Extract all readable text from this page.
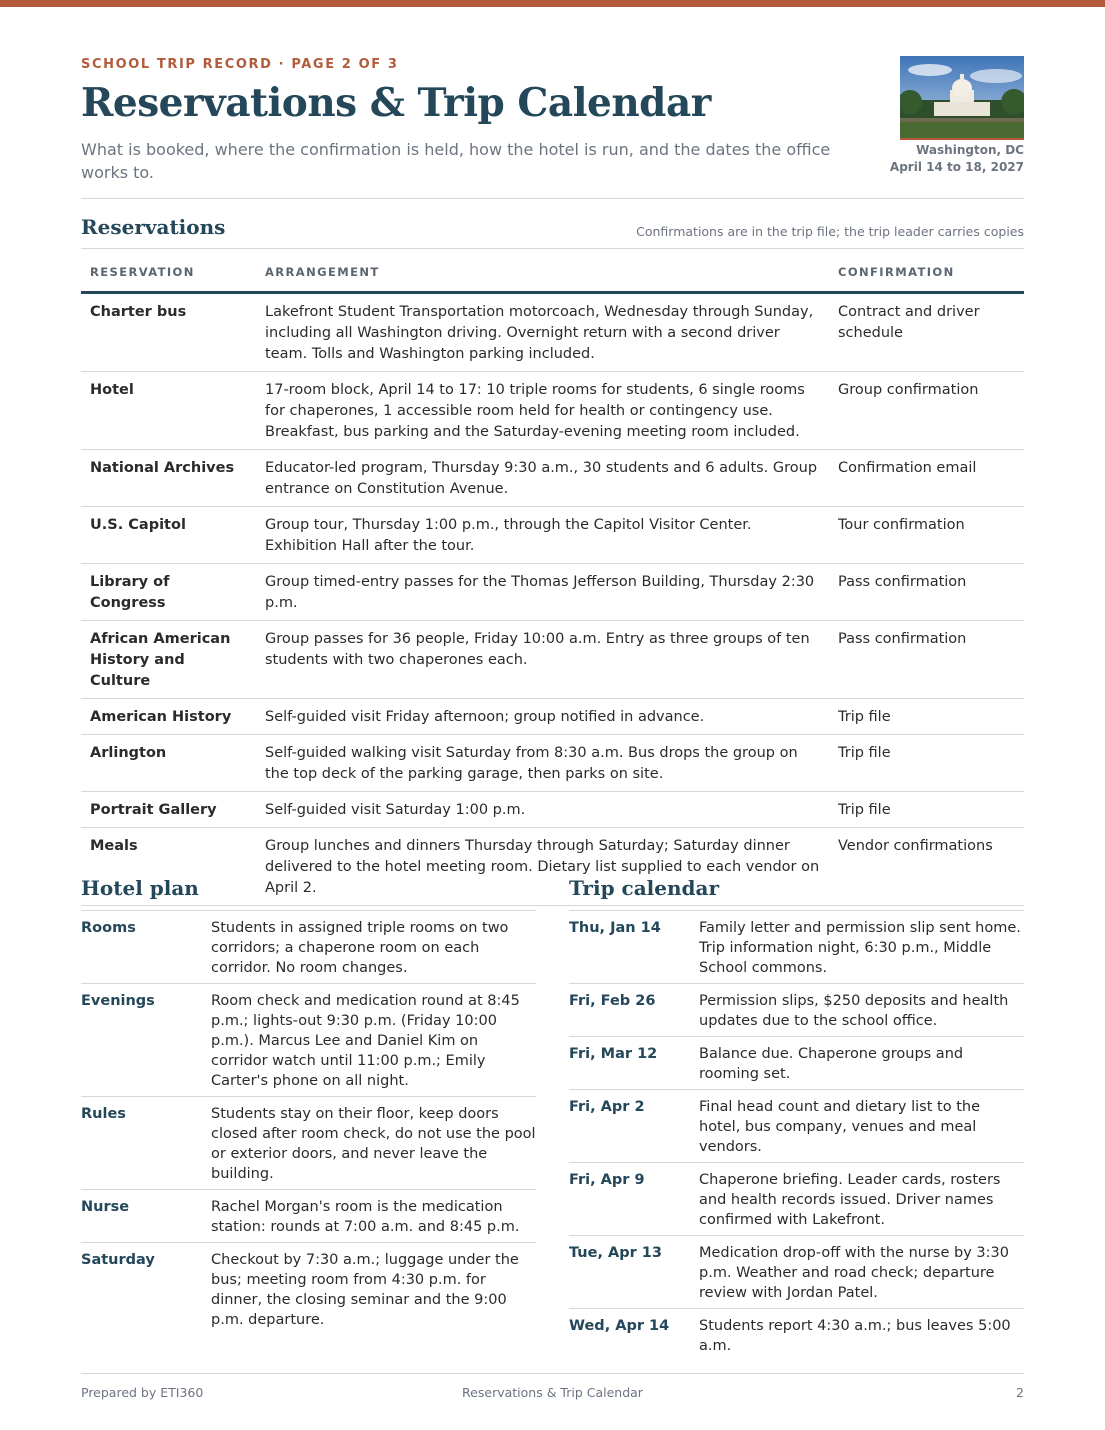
SCHOOL TRIP RECORD · PAGE 2 OF 3
Reservations & Trip Calendar
What is booked, where the confirmation is held, how the hotel is run, and the dates the office works to.
Washington, DC
April 14 to 18, 2027
Reservations	Confirmations are in the trip file; the trip leader carries copies
RESERVATION	ARRANGEMENT	CONFIRMATION
Charter bus	Lakefront Student Transportation motorcoach, Wednesday through Sunday, including all Washington driving. Overnight return with a second driver team. Tolls and Washington parking included.	Contract and driver schedule
Hotel	17-room block, April 14 to 17: 10 triple rooms for students, 6 single rooms for chaperones, 1 accessible room held for health or contingency use. Breakfast, bus parking and the Saturday-evening meeting room included.	Group confirmation
National Archives	Educator-led program, Thursday 9:30 a.m., 30 students and 6 adults. Group entrance on Constitution Avenue.	Confirmation email
U.S. Capitol	Group tour, Thursday 1:00 p.m., through the Capitol Visitor Center. Exhibition Hall after the tour.	Tour confirmation
Library of Congress	Group timed-entry passes for the Thomas Jefferson Building, Thursday 2:30 p.m.	Pass confirmation
African American History and Culture	Group passes for 36 people, Friday 10:00 a.m. Entry as three groups of ten students with two chaperones each.	Pass confirmation
American History	Self-guided visit Friday afternoon; group notified in advance.	Trip file
Arlington	Self-guided walking visit Saturday from 8:30 a.m. Bus drops the group on the top deck of the parking garage, then parks on site.	Trip file
Portrait Gallery	Self-guided visit Saturday 1:00 p.m.	Trip file
Meals	Group lunches and dinners Thursday through Saturday; Saturday dinner delivered to the hotel meeting room. Dietary list supplied to each vendor on April 2.	Vendor confirmations
Hotel plan
Rooms	Students in assigned triple rooms on two corridors; a chaperone room on each corridor. No room changes.
Evenings	Room check and medication round at 8:45 p.m.; lights-out 9:30 p.m. (Friday 10:00 p.m.). Marcus Lee and Daniel Kim on corridor watch until 11:00 p.m.; Emily Carter's phone on all night.
Rules	Students stay on their floor, keep doors closed after room check, do not use the pool or exterior doors, and never leave the building.
Nurse	Rachel Morgan's room is the medication station: rounds at 7:00 a.m. and 8:45 p.m.
Saturday	Checkout by 7:30 a.m.; luggage under the bus; meeting room from 4:30 p.m. for dinner, the closing seminar and the 9:00 p.m. departure.
Trip calendar
Thu, Jan 14	Family letter and permission slip sent home. Trip information night, 6:30 p.m., Middle School commons.
Fri, Feb 26	Permission slips, $250 deposits and health updates due to the school office.
Fri, Mar 12	Balance due. Chaperone groups and rooming set.
Fri, Apr 2	Final head count and dietary list to the hotel, bus company, venues and meal vendors.
Fri, Apr 9	Chaperone briefing. Leader cards, rosters and health records issued. Driver names confirmed with Lakefront.
Tue, Apr 13	Medication drop-off with the nurse by 3:30 p.m. Weather and road check; departure review with Jordan Patel.
Wed, Apr 14	Students report 4:30 a.m.; bus leaves 5:00 a.m.
Prepared by ETI360	Reservations & Trip Calendar	2
